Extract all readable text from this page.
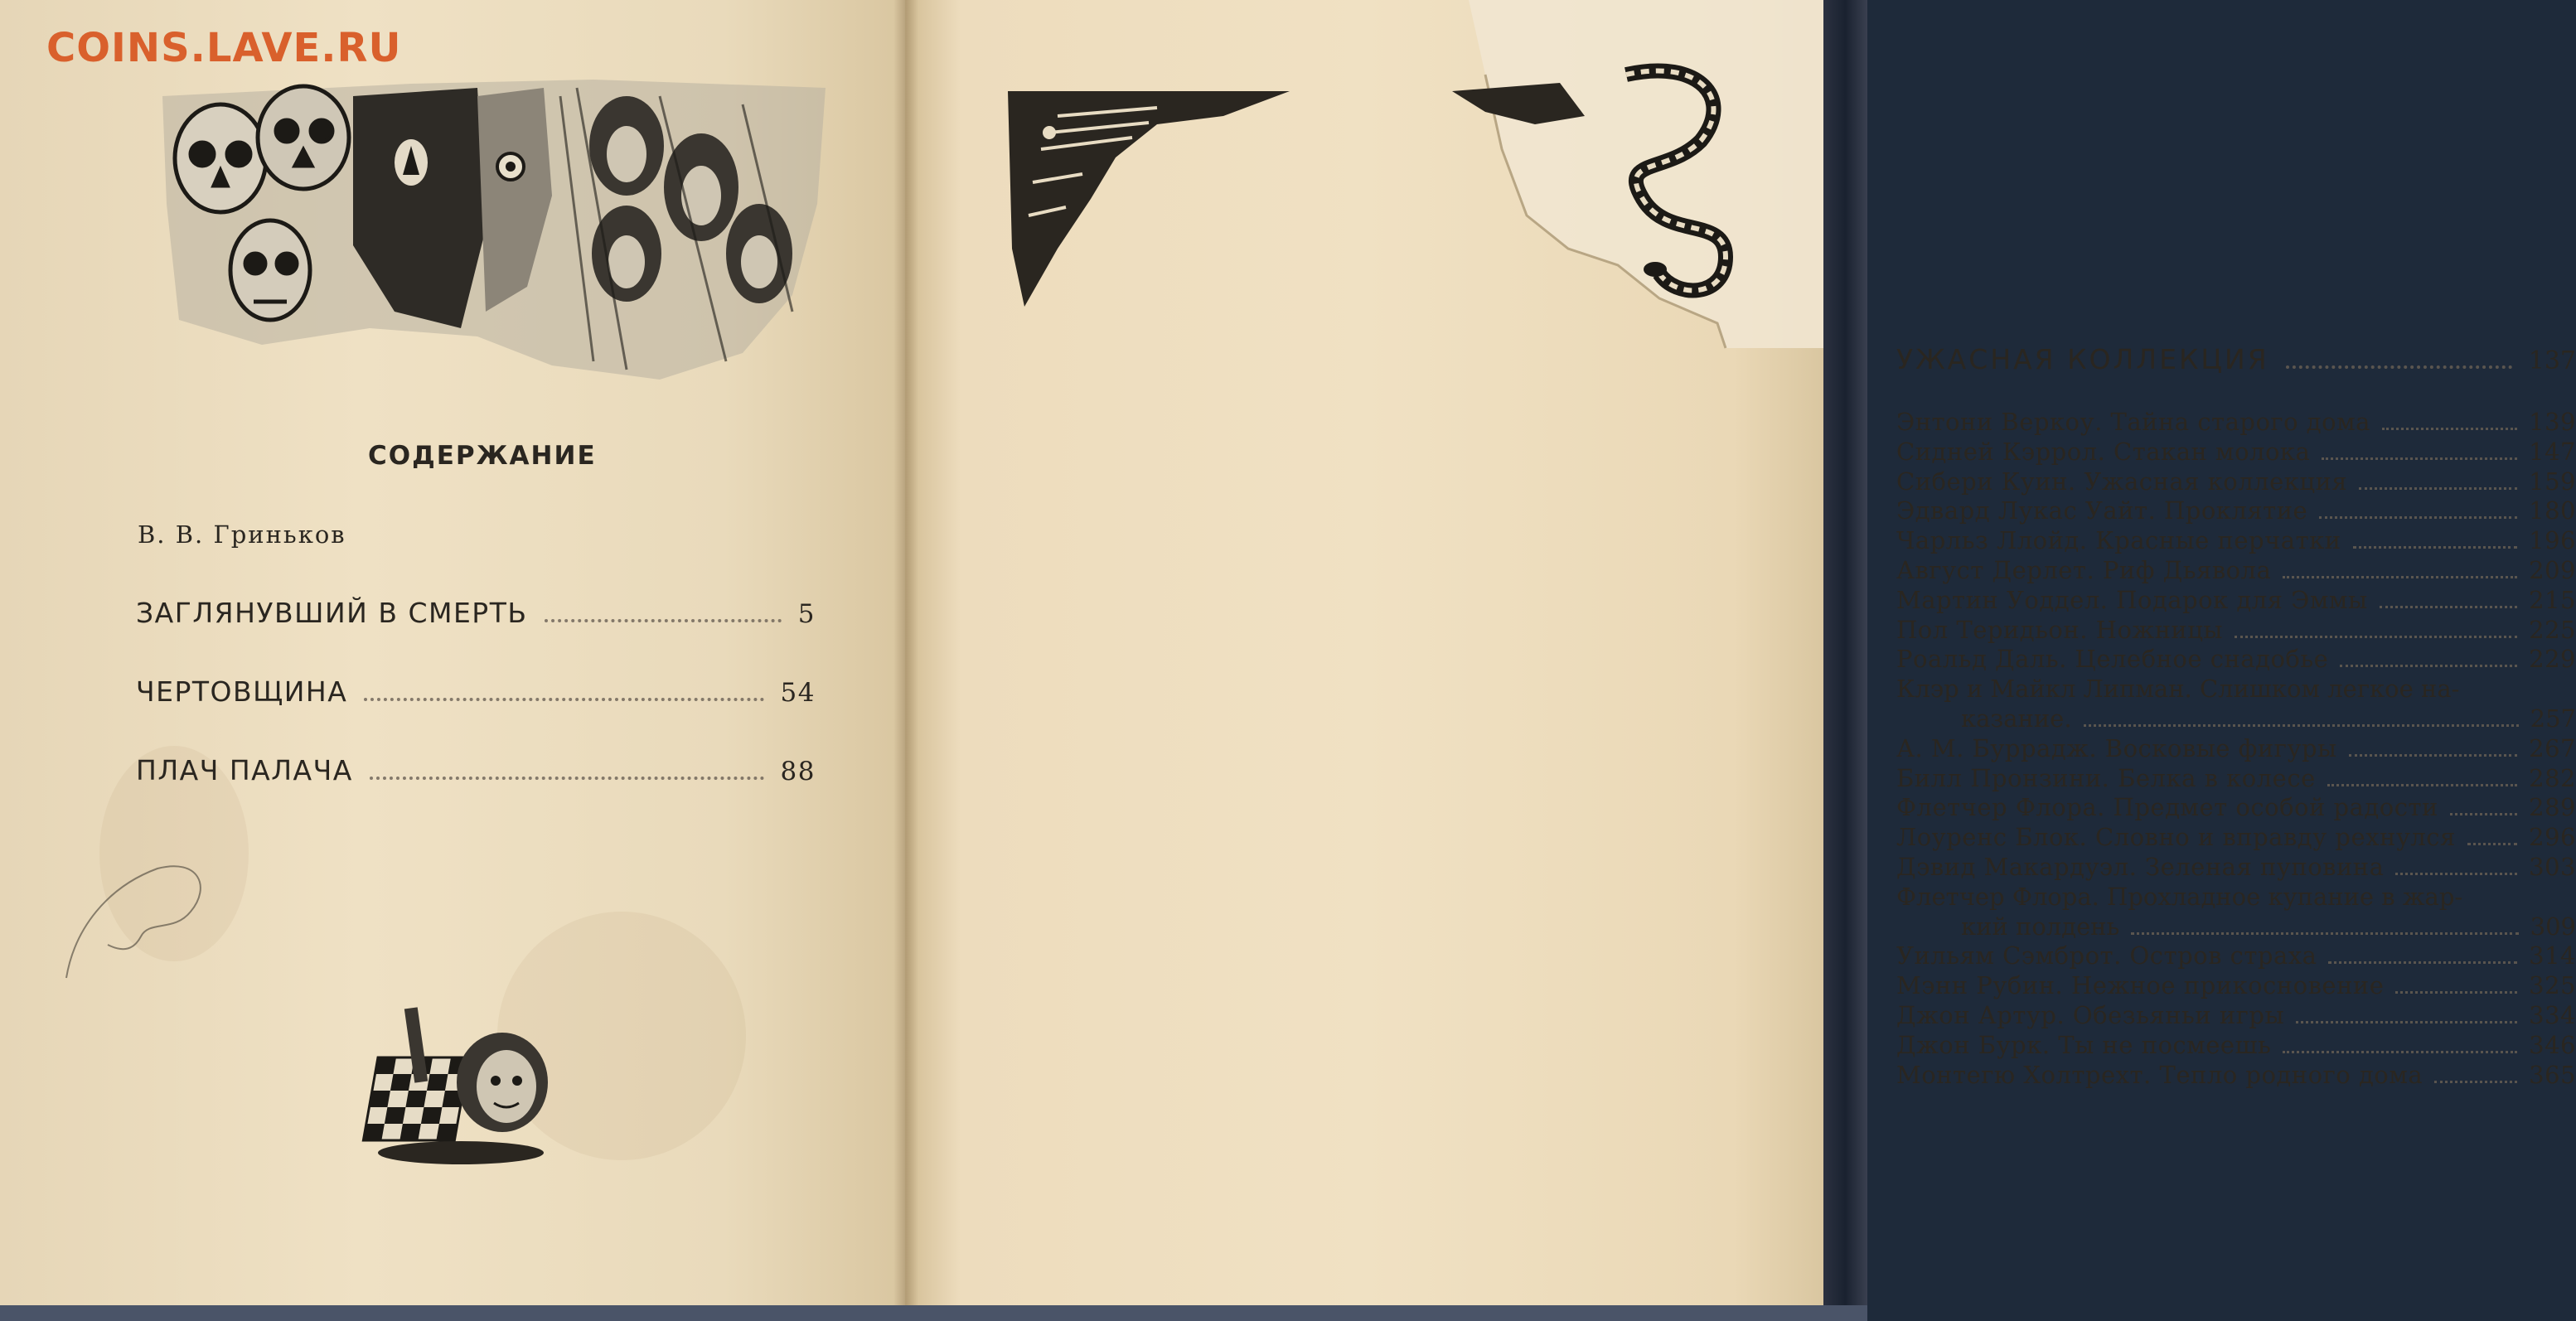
СОДЕРЖАНИЕ
В. В. Гриньков
ЗАГЛЯНУВШИЙ В СМЕРТЬ	5
ЧЕРТОВЩИНА	54
ПЛАЧ ПАЛАЧА	88
УЖАСНАЯ КОЛЛЕКЦИЯ	137
Энтони Веркоу. Тайна старого дома	139
Сидней Кэррол. Стакан молока	147
Сибери Куин. Ужасная коллекция	159
Эдвард Лукас Уайт. Проклятие	180
Чарльз Ллойд. Красные перчатки	196
Август Дерлет. Риф Дьявола	209
Мартин Уоддел. Подарок для Эммы	215
Пол Теридьон. Ножницы	225
Роальд Даль. Целебное снадобье	229
Клэр и Майкл Липман. Слишком легкое на-
казание.	257
А. М. Буррадж. Восковые фигуры	267
Билл Пронзини. Белка в колесе	282
Флетчер Флора. Предмет особой радости	289
Лоуренс Блок. Словно и вправду рехнулся	296
Дэвид Макардуэл. Зеленая пуповина	303
Флетчер Флора. Прохладное купание в жар-
кий полдень	309
Уильям Сэмброт. Остров страха	314
Мэнн Рубин. Нежное прикосновение	325
Джон Артур. Обезьяньи игры	334
Джон Бурк. Ты не посмеешь	346
Монтегю Холтрехт. Тепло родного дома	365
COINS.LAVE.RU
